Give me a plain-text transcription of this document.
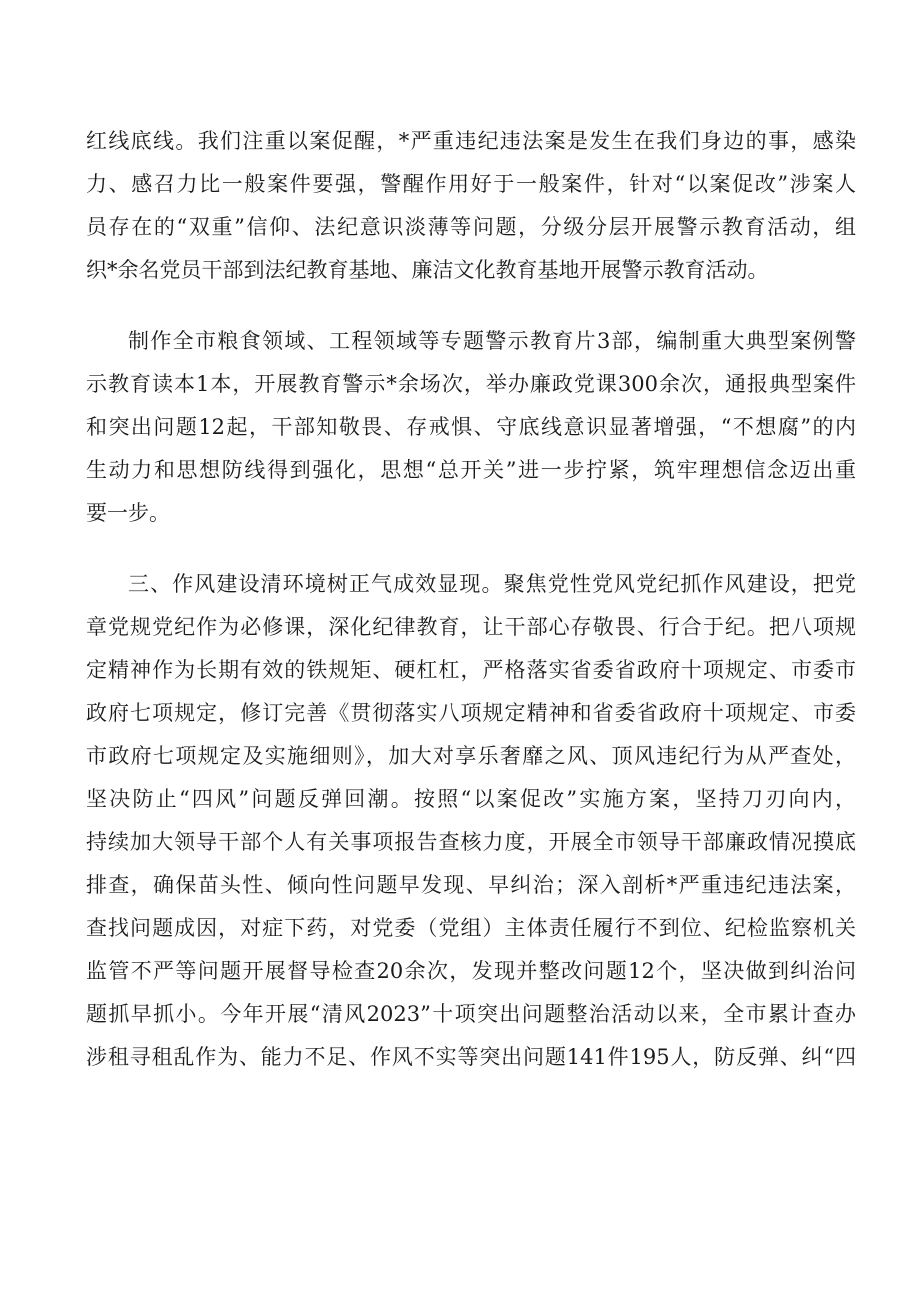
红线底线。我们注重以案促醒，*严重违纪违法案是发生在我们身边的事，感染
力、感召力比一般案件要强，警醒作用好于一般案件，针对“以案促改”涉案人
员存在的“双重”信仰、法纪意识淡薄等问题，分级分层开展警示教育活动，组
织*余名党员干部到法纪教育基地、廉洁文化教育基地开展警示教育活动。
制作全市粮食领域、工程领域等专题警示教育片3部，编制重大典型案例警
示教育读本1本，开展教育警示*余场次，举办廉政党课300余次，通报典型案件
和突出问题12起，干部知敬畏、存戒惧、守底线意识显著增强，“不想腐”的内
生动力和思想防线得到强化，思想“总开关”进一步拧紧，筑牢理想信念迈出重
要一步。
三、作风建设清环境树正气成效显现。聚焦党性党风党纪抓作风建设，把党
章党规党纪作为必修课，深化纪律教育，让干部心存敬畏、行合于纪。把八项规
定精神作为长期有效的铁规矩、硬杠杠，严格落实省委省政府十项规定、市委市
政府七项规定，修订完善《贯彻落实八项规定精神和省委省政府十项规定、市委
市政府七项规定及实施细则》，加大对享乐奢靡之风、顶风违纪行为从严查处，
坚决防止“四风”问题反弹回潮。按照“以案促改”实施方案，坚持刀刃向内，
持续加大领导干部个人有关事项报告查核力度，开展全市领导干部廉政情况摸底
排查，确保苗头性、倾向性问题早发现、早纠治；深入剖析*严重违纪违法案，
查找问题成因，对症下药，对党委（党组）主体责任履行不到位、纪检监察机关
监管不严等问题开展督导检查20余次，发现并整改问题12个，坚决做到纠治问
题抓早抓小。今年开展“清风2023”十项突出问题整治活动以来，全市累计查办
涉租寻租乱作为、能力不足、作风不实等突出问题141件195人，防反弹、纠“四
